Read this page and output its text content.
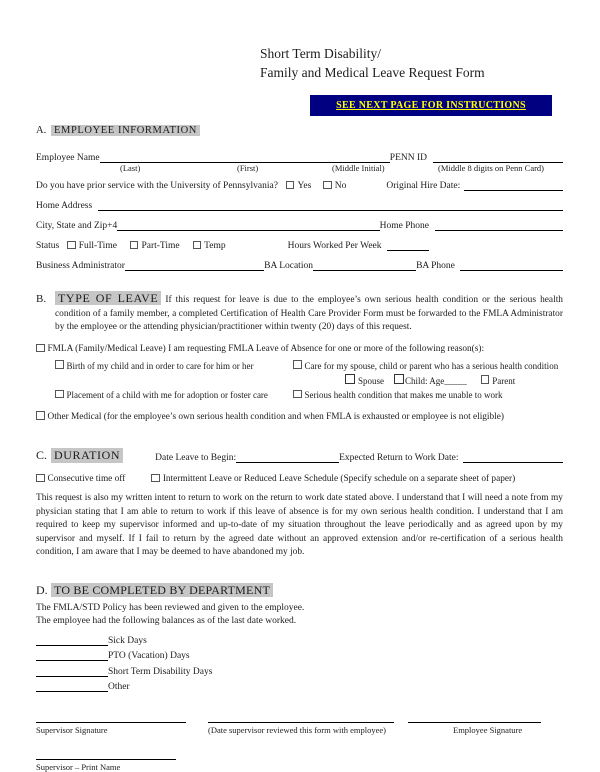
Short Term Disability/
Family and Medical Leave Request Form
SEE NEXT PAGE FOR INSTRUCTIONS
A. EMPLOYEE INFORMATION
Employee Name	PENN ID
(Last)	(First)	(Middle Initial)	(Middle 8 digits on Penn Card)
Do you have prior service with the University of Pennsylvania? Yes No	Original Hire Date:
Home Address
City, State and Zip+4	Home Phone
Status Full-Time	Part-Time	Temp	Hours Worked Per Week
Business Administrator	BA Location	BA Phone
B. TYPE OF LEAVE If this request for leave is due to the employee’s own serious health condition or the serious health condition of a family member, a completed Certification of Health Care Provider Form must be forwarded to the FMLA Administrator by the employee or the attending physician/practitioner within twenty (20) days of this request.
FMLA (Family/Medical Leave) I am requesting FMLA Leave of Absence for one or more of the following reason(s):
Birth of my child and in order to care for him or her	Care for my spouse, child or parent who has a serious health condition
Spouse Child: Age_____	Parent
Placement of a child with me for adoption or foster care	Serious health condition that makes me unable to work
Other Medical (for the employee’s own serious health condition and when FMLA is exhausted or employee is not eligible)
C. DURATION	Date Leave to Begin:	Expected Return to Work Date:
Consecutive time off	Intermittent Leave or Reduced Leave Schedule (Specify schedule on a separate sheet of paper)
This request is also my written intent to return to work on the return to work date stated above. I understand that I will need a note from my physician stating that I am able to return to work if this leave of absence is for my own serious health condition. I understand that I am required to keep my supervisor informed and up-to-date of my situation throughout the leave periodically and as agreed upon by my supervisor and myself. If I fail to return by the agreed date without an approved extension and/or re-certification of a serious health condition, I am aware that I may be deemed to have abandoned my job.
D. TO BE COMPLETED BY DEPARTMENT
The FMLA/STD Policy has been reviewed and given to the employee.
The employee had the following balances as of the last date worked.
Sick Days
PTO (Vacation) Days
Short Term Disability Days
Other
Supervisor Signature	(Date supervisor reviewed this form with employee)	Employee Signature
Supervisor – Print Name
